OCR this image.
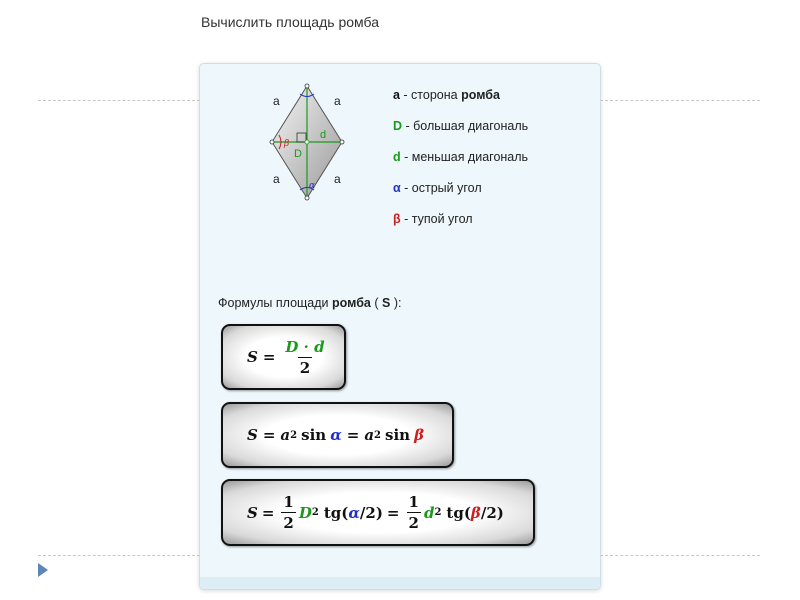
Вычислить площадь ромба
a	a
a	a
D
d
β
α
a - сторона ромба
D - большая диагональ
d - меньшая диагональ
α - острый угол
β - тупой угол
Формулы площади ромба ( S ):
$S = \frac{D \cdot d}{2}$
S = a 2 sin α = a 2 sin β
$S = \frac{1}{2}$ D 2 tg( α $/2) = \frac{1}{2}$ d 2 tg( β /2)
